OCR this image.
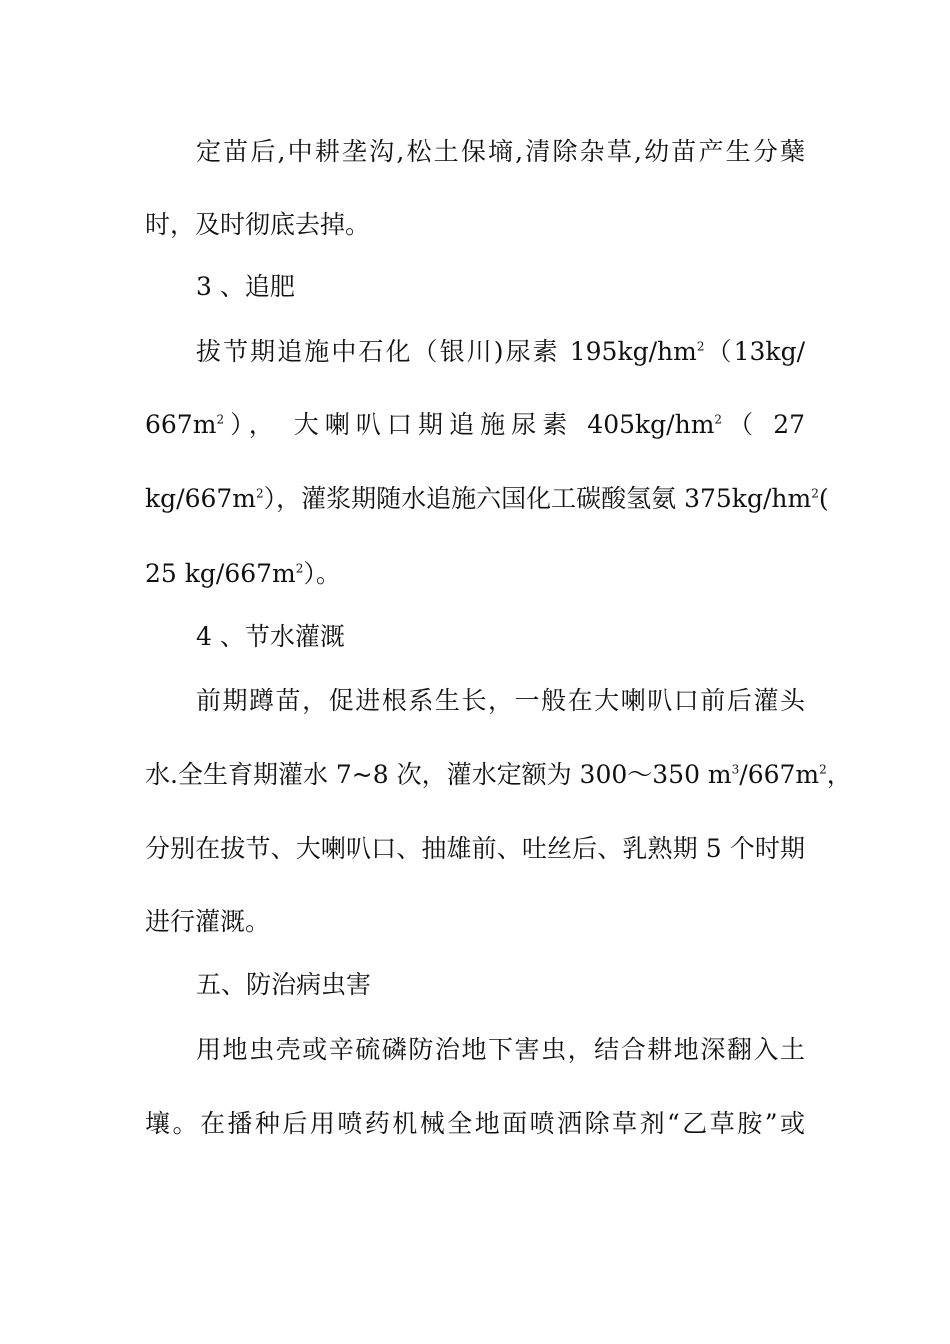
定苗后,中耕垄沟,松土保墒,清除杂草,幼苗产生分蘖
时，及时彻底去掉。
3 、追肥
拔节期追施中石化（银川)尿素 $195kg/hm^2(13kg/$
$667m^2$）， 大喇叭口期追施尿素 $405kg/hm^2$（ 27
$kg/667m^2$），灌浆期随水追施六国化工碳酸氢氨 $375kg/hm^2$(
25 $kg/667m^2$）。
4 、节水灌溉
前期蹲苗，促进根系生长，一般在大喇叭口前后灌头
水.全生育期灌水 7~8 次，灌水定额为 300～350 $m^3/667m^2$，
分别在拔节、大喇叭口、抽雄前、吐丝后、乳熟期 5 个时期
进行灌溉。
五、防治病虫害
用地虫壳或辛硫磷防治地下害虫，结合耕地深翻入土
壤。在播种后用喷药机械全地面喷洒除草剂“乙草胺”或
